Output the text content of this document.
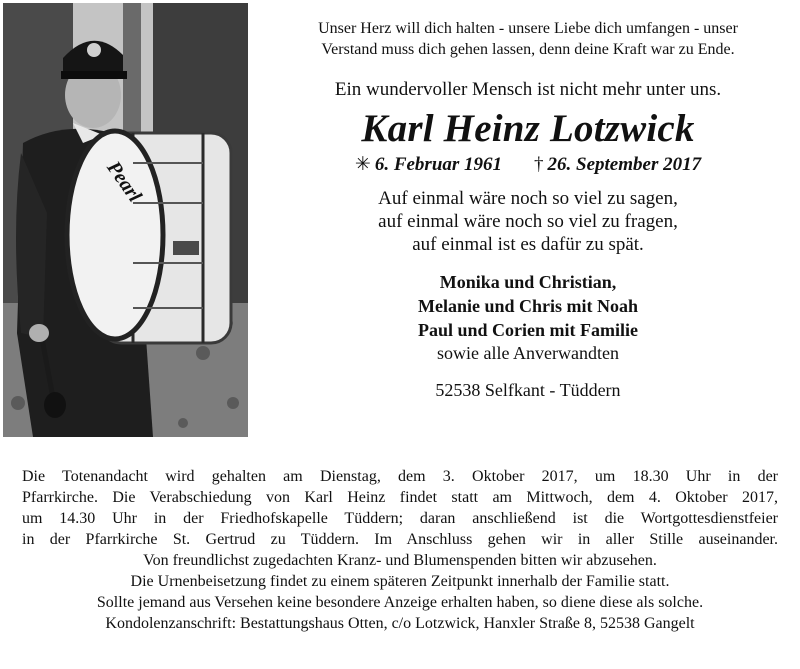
Pearl

Unser Herz will dich halten - unsere Liebe dich umfangen - unser
Verstand muss dich gehen lassen, denn deine Kraft war zu Ende.

Ein wundervoller Mensch ist nicht mehr unter uns.

Karl Heinz Lotzwick

✳ 6. Februar 1961 † 26. September 2017

Auf einmal wäre noch so viel zu sagen,
auf einmal wäre noch so viel zu fragen,
auf einmal ist es dafür zu spät.

Monika und Christian,
Melanie und Chris mit Noah
Paul und Corien mit Familie

sowie alle Anverwandten

52538 Selfkant - Tüddern

Die Totenandacht wird gehalten am Dienstag, dem 3. Oktober 2017, um 18.30 Uhr in der

Pfarrkirche. Die Verabschiedung von Karl Heinz findet statt am Mittwoch, dem 4. Oktober 2017,

um 14.30 Uhr in der Friedhofskapelle Tüddern; daran anschließend ist die Wortgottesdienstfeier

in der Pfarrkirche St. Gertrud zu Tüddern. Im Anschluss gehen wir in aller Stille auseinander.

Von freundlichst zugedachten Kranz- und Blumenspenden bitten wir abzusehen.

Die Urnenbeisetzung findet zu einem späteren Zeitpunkt innerhalb der Familie statt.

Sollte jemand aus Versehen keine besondere Anzeige erhalten haben, so diene diese als solche.

Kondolenzanschrift: Bestattungshaus Otten, c/o Lotzwick, Hanxler Straße 8, 52538 Gangelt
